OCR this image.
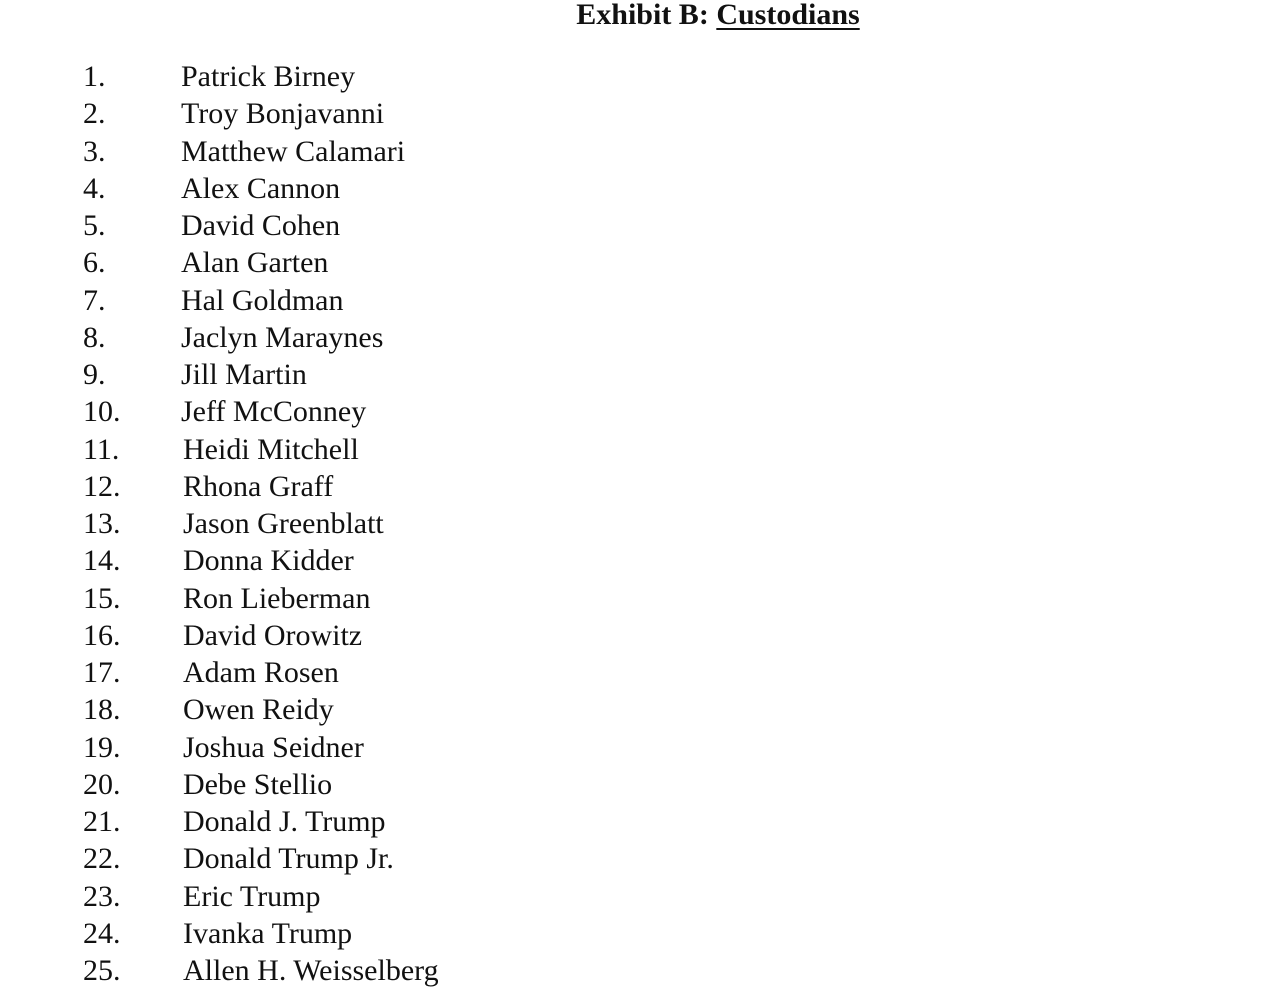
Exhibit B: Custodians
1.	Patrick Birney
2.	Troy Bonjavanni
3.	Matthew Calamari
4.	Alex Cannon
5.	David Cohen
6.	Alan Garten
7.	Hal Goldman
8.	Jaclyn Maraynes
9.	Jill Martin
10. Jeff McConney
11. Heidi Mitchell
12. Rhona Graff
13. Jason Greenblatt
14. Donna Kidder
15. Ron Lieberman
16. David Orowitz
17. Adam Rosen
18. Owen Reidy
19. Joshua Seidner
20. Debe Stellio
21. Donald J. Trump
22. Donald Trump Jr.
23. Eric Trump
24. Ivanka Trump
25. Allen H. Weisselberg
